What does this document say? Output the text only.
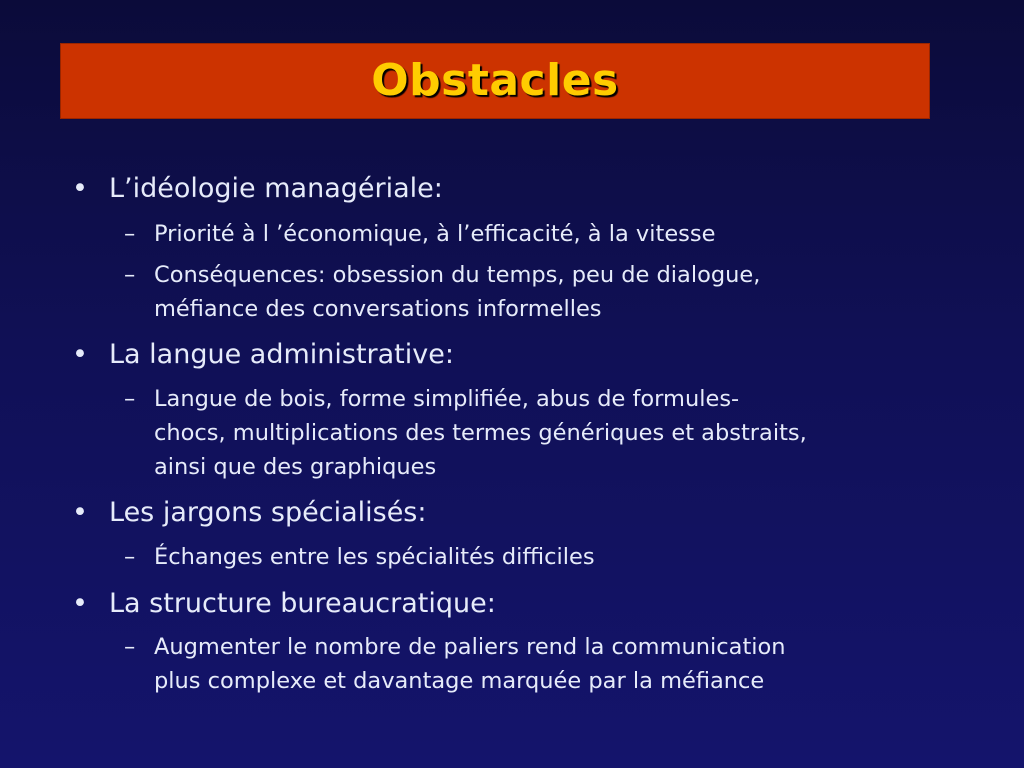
Obstacles
• L’idéologie managériale:
– Priorité à l ’économique, à l’efficacité, à la vitesse
– Conséquences: obsession du temps, peu de dialogue,
méfiance des conversations informelles
• La langue administrative:
– Langue de bois, forme simplifiée, abus de formules-
chocs, multiplications des termes génériques et abstraits,
ainsi que des graphiques
• Les jargons spécialisés:
– Échanges entre les spécialités difficiles
• La structure bureaucratique:
– Augmenter le nombre de paliers rend la communication
plus complexe et davantage marquée par la méfiance
